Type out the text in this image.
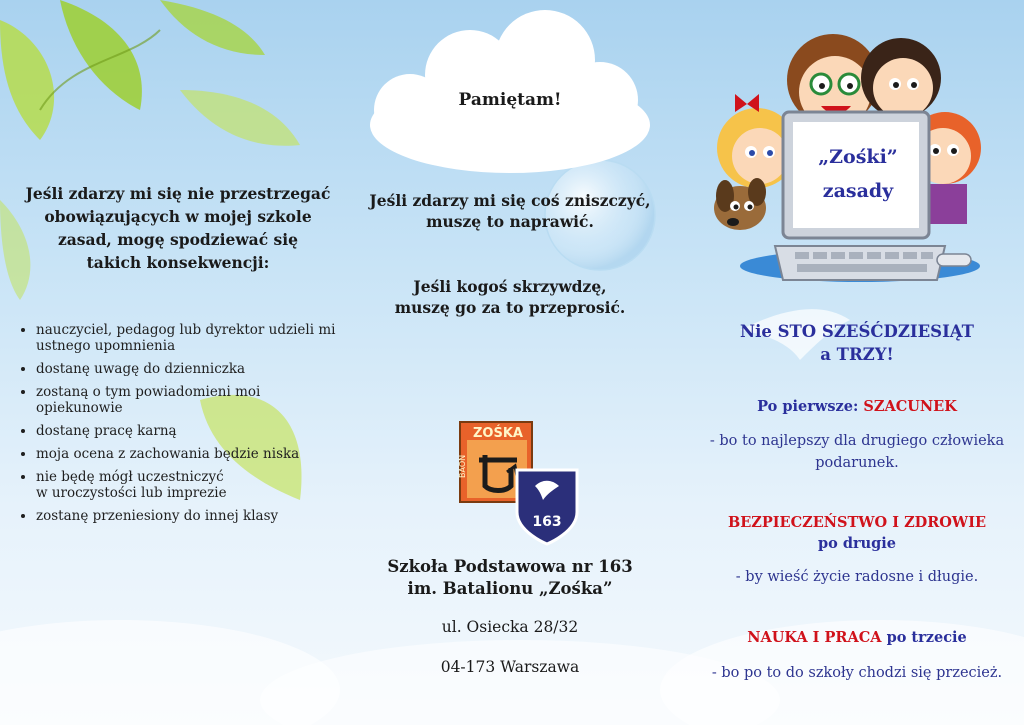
Jeśli zdarzy mi się nie przestrzegać
obowiązujących w mojej szkole
zasad, mogę spodziewać się
takich konsekwencji:
• nauczyciel, pedagog lub dyrektor udzieli mi
ustnego upomnienia
• dostanę uwagę do dzienniczka
• zostaną o tym powiadomieni moi
opiekunowie
• dostanę pracę karną
• moja ocena z zachowania będzie niska
• nie będę mógł uczestniczyć
w uroczystości lub imprezie
• zostanę przeniesiony do innej klasy
Pamiętam!
Jeśli zdarzy mi się coś zniszczyć,
muszę to naprawić.
Jeśli kogoś skrzywdzę,
muszę go za to przeprosić.
ZOŚKA
BAON
163
Szkoła Podstawowa nr 163
im. Batalionu „Zośka”
ul. Osiecka 28/32
04-173 Warszawa
„Zośki”
zasady
Nie STO SZEŚĆDZIESIĄT
a TRZY!
Po pierwsze: SZACUNEK
- bo to najlepszy dla drugiego człowieka
podarunek.
BEZPIECZEŃSTWO I ZDROWIE
po drugie
- by wieść życie radosne i długie.
NAUKA I PRACA po trzecie
- bo po to do szkoły chodzi się przecież.
